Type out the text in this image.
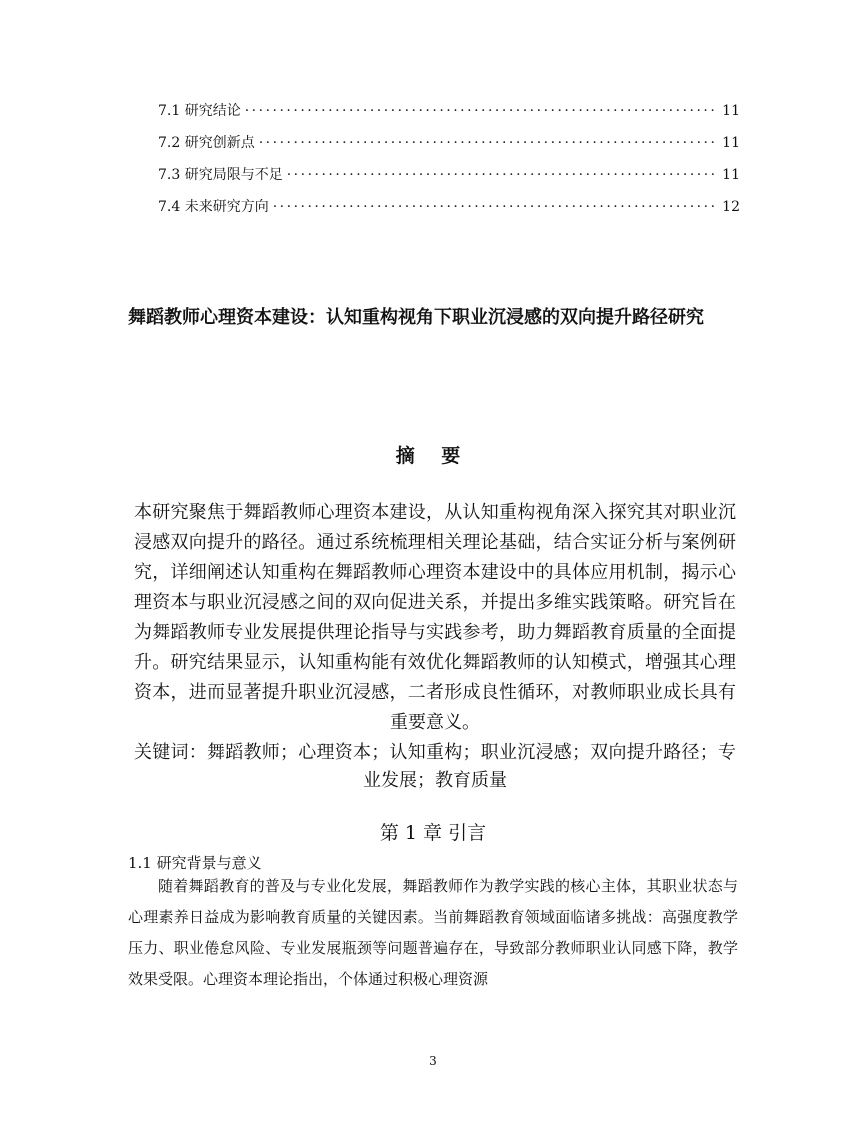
7.1 研究结论 ·····	11
7.2 研究创新点 ·····	11
7.3 研究局限与不足 ·····	11
7.4 未来研究方向 ·····	12
舞蹈教师心理资本建设：认知重构视角下职业沉浸感的双向提升路径研究
摘 要

本研究聚焦于舞蹈教师心理资本建设，从认知重构视角深入探究其对职业沉浸感双向提升的路径。通过系统梳理相关理论基础，结合实证分析与案例研究，详细阐述认知重构在舞蹈教师心理资本建设中的具体应用机制，揭示心理资本与职业沉浸感之间的双向促进关系，并提出多维实践策略。研究旨在为舞蹈教师专业发展提供理论指导与实践参考，助力舞蹈教育质量的全面提升。研究结果显示，认知重构能有效优化舞蹈教师的认知模式，增强其心理资本，进而显著提升职业沉浸感，二者形成良性循环，对教师职业成长具有重要意义。

关键词：舞蹈教师；心理资本；认知重构；职业沉浸感；双向提升路径；专业发展；教育质量

第 1 章 引言
1.1 研究背景与意义

随着舞蹈教育的普及与专业化发展，舞蹈教师作为教学实践的核心主体，其职业状态与心理素养日益成为影响教育质量的关键因素。当前舞蹈教育领域面临诸多挑战：高强度教学压力、职业倦怠风险、专业发展瓶颈等问题普遍存在，导致部分教师职业认同感下降，教学效果受限。心理资本理论指出，个体通过积极心理资源

3
